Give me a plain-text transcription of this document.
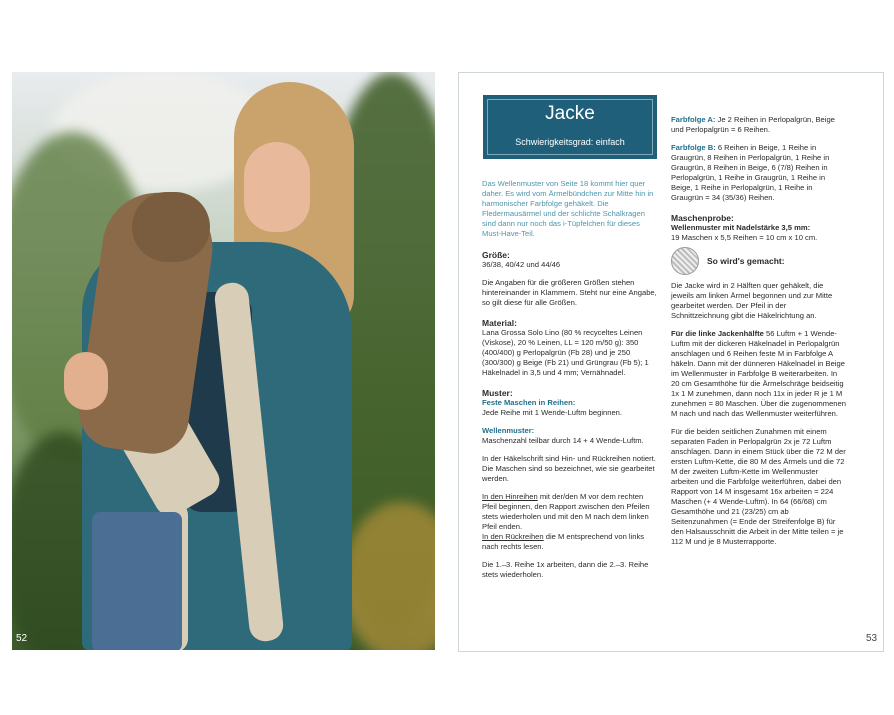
52
Jacke
Schwierigkeitsgrad: einfach

Das Wellenmuster von Seite 18 kommt hier quer daher. Es wird vom Ärmelbündchen zur Mitte hin in harmonischer Farbfolge gehäkelt. Die Fledermausärmel und der schlichte Schalkragen sind dann nur noch das i-Tüpfelchen für dieses Must-Have-Teil.

Größe:

36/38, 40/42 und 44/46

Die Angaben für die größeren Größen stehen hintereinander in Klammern. Steht nur eine Angabe, so gilt diese für alle Größen.

Material:

Lana Grossa Solo Lino (80 % recyceltes Leinen (Viskose), 20 % Leinen, LL = 120 m/50 g): 350 (400/400) g Perlopalgrün (Fb 28) und je 250 (300/300) g Beige (Fb 21) und Grüngrau (Fb 5); 1 Häkelnadel in 3,5 und 4 mm; Vernähnadel.

Muster:

Feste Maschen in Reihen:

Jede Reihe mit 1 Wende-Luftm beginnen.

Wellenmuster:

Maschenzahl teilbar durch 14 + 4 Wende-Luftm.

In der Häkelschrift sind Hin- und Rückreihen notiert. Die Maschen sind so bezeichnet, wie sie gearbeitet werden.

In den Hinreihen mit der/den M vor dem rechten Pfeil beginnen, den Rapport zwischen den Pfeilen stets wiederholen und mit den M nach dem linken Pfeil enden.

In den Rückreihen die M entsprechend von links nach rechts lesen.

Die 1.–3. Reihe 1x arbeiten, dann die 2.–3. Reihe stets wiederholen.

Farbfolge A: Je 2 Reihen in Perlopalgrün, Beige und Perlopalgrün = 6 Reihen.

Farbfolge B: 6 Reihen in Beige, 1 Reihe in Graugrün, 8 Reihen in Perlopalgrün, 1 Reihe in Graugrün, 8 Reihen in Beige, 6 (7/8) Reihen in Perlopalgrün, 1 Reihe in Graugrün, 1 Reihe in Beige, 1 Reihe in Perlopalgrün, 1 Reihe in Graugrün = 34 (35/36) Reihen.

Maschenprobe:

Wellenmuster mit Nadelstärke 3,5 mm:

19 Maschen x 5,5 Reihen = 10 cm x 10 cm.

So wird's gemacht:

Die Jacke wird in 2 Hälften quer gehäkelt, die jeweils am linken Ärmel begonnen und zur Mitte gearbeitet werden. Der Pfeil in der Schnittzeichnung gibt die Häkelrichtung an.

Für die linke Jackenhälfte 56 Luftm + 1 Wende-Luftm mit der dickeren Häkelnadel in Perlopalgrün anschlagen und 6 Reihen feste M in Farbfolge A häkeln. Dann mit der dünneren Häkelnadel in Beige im Wellenmuster in Farbfolge B weiterarbeiten. In 20 cm Gesamthöhe für die Ärmelschräge beidseitig 1x 1 M zunehmen, dann noch 11x in jeder R je 1 M zunehmen = 80 Maschen. Über die zugenommenen M nach und nach das Wellenmuster weiterführen.

Für die beiden seitlichen Zunahmen mit einem separaten Faden in Perlopalgrün 2x je 72 Luftm anschlagen. Dann in einem Stück über die 72 M der ersten Luftm-Kette, die 80 M des Ärmels und die 72 M der zweiten Luftm-Kette im Wellenmuster arbeiten und die Farbfolge weiterführen, dabei den Rapport von 14 M insgesamt 16x arbeiten = 224 Maschen (+ 4 Wende-Luftm). In 64 (66/68) cm Gesamthöhe und 21 (23/25) cm ab Seitenzunahmen (= Ende der Streifenfolge B) für den Halsausschnitt die Arbeit in der Mitte teilen = je 112 M und je 8 Musterrapporte.

53
